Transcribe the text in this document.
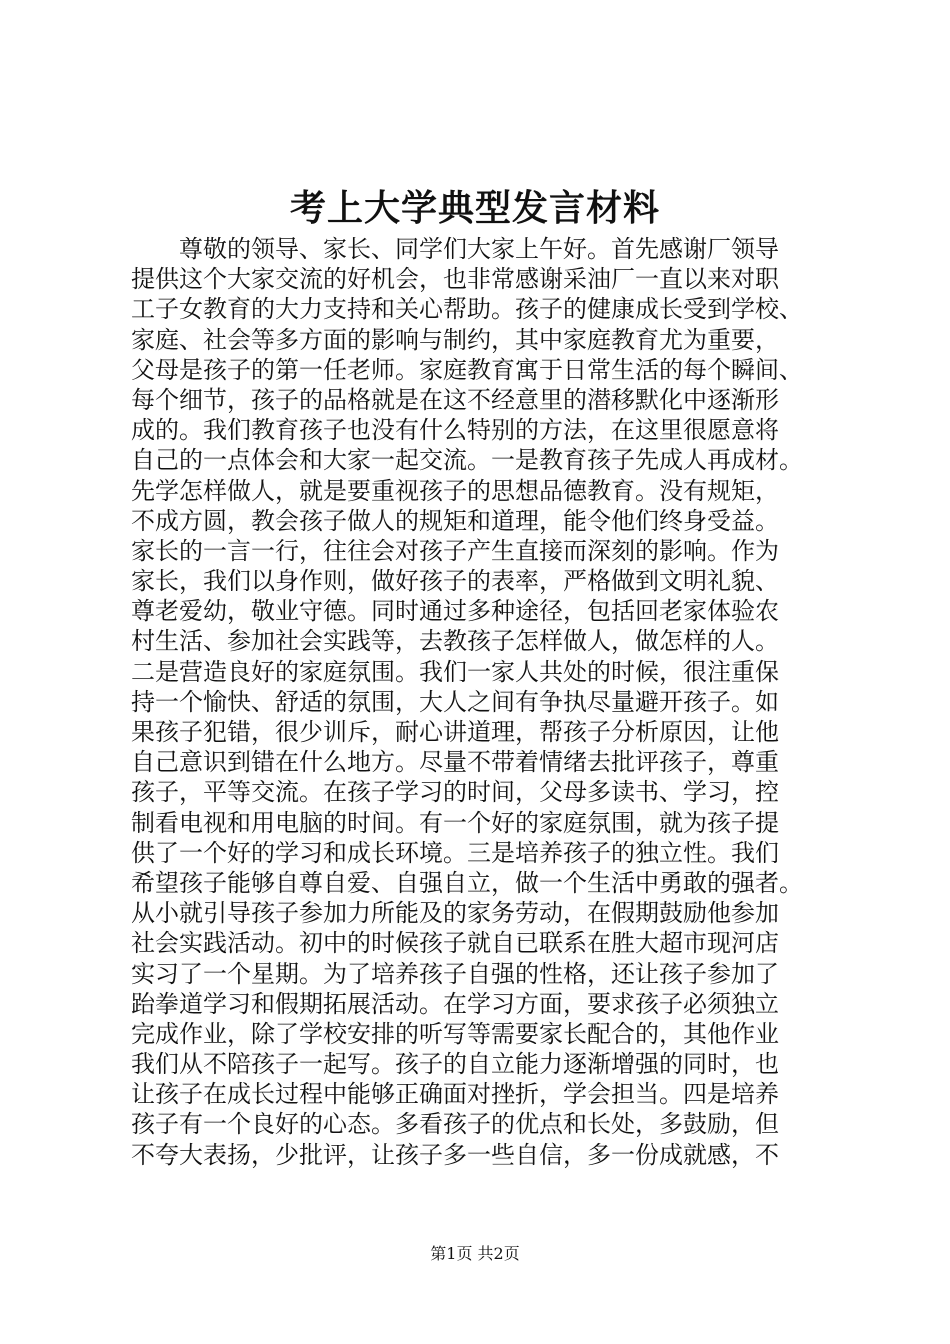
考上大学典型发言材料
　　尊敬的领导、家长、同学们大家上午好。首先感谢厂领导
提供这个大家交流的好机会，也非常感谢采油厂一直以来对职
工子女教育的大力支持和关心帮助。孩子的健康成长受到学校、
家庭、社会等多方面的影响与制约，其中家庭教育尤为重要，
父母是孩子的第一任老师。家庭教育寓于日常生活的每个瞬间、
每个细节，孩子的品格就是在这不经意里的潜移默化中逐渐形
成的。我们教育孩子也没有什么特别的方法，在这里很愿意将
自己的一点体会和大家一起交流。一是教育孩子先成人再成材。
先学怎样做人，就是要重视孩子的思想品德教育。没有规矩，
不成方圆，教会孩子做人的规矩和道理，能令他们终身受益。
家长的一言一行，往往会对孩子产生直接而深刻的影响。作为
家长，我们以身作则，做好孩子的表率，严格做到文明礼貌、
尊老爱幼，敬业守德。同时通过多种途径，包括回老家体验农
村生活、参加社会实践等，去教孩子怎样做人，做怎样的人。
二是营造良好的家庭氛围。我们一家人共处的时候，很注重保
持一个愉快、舒适的氛围，大人之间有争执尽量避开孩子。如
果孩子犯错，很少训斥，耐心讲道理，帮孩子分析原因，让他
自己意识到错在什么地方。尽量不带着情绪去批评孩子，尊重
孩子，平等交流。在孩子学习的时间，父母多读书、学习，控
制看电视和用电脑的时间。有一个好的家庭氛围，就为孩子提
供了一个好的学习和成长环境。三是培养孩子的独立性。我们
希望孩子能够自尊自爱、自强自立，做一个生活中勇敢的强者。
从小就引导孩子参加力所能及的家务劳动，在假期鼓励他参加
社会实践活动。初中的时候孩子就自已联系在胜大超市现河店
实习了一个星期。为了培养孩子自强的性格，还让孩子参加了
跆拳道学习和假期拓展活动。在学习方面，要求孩子必须独立
完成作业，除了学校安排的听写等需要家长配合的，其他作业
我们从不陪孩子一起写。孩子的自立能力逐渐增强的同时，也
让孩子在成长过程中能够正确面对挫折，学会担当。四是培养
孩子有一个良好的心态。多看孩子的优点和长处，多鼓励，但
不夸大表扬，少批评，让孩子多一些自信，多一份成就感，不
第1页 共2页
